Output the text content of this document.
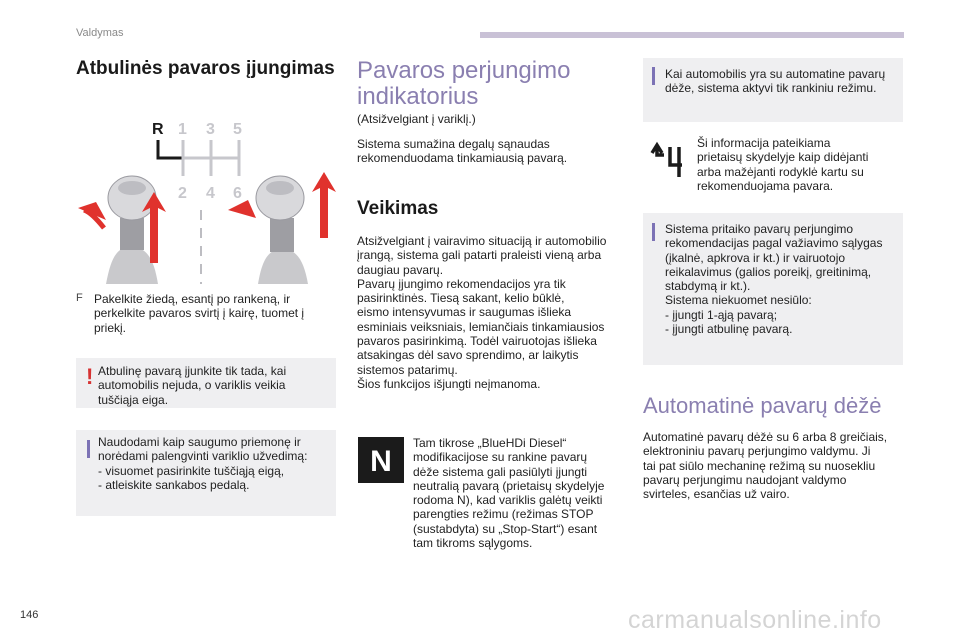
Valdymas
Atbulinės pavaros įjungimas
R 1 3 5
2 4 6
F Pakelkite žiedą, esantį po rankeną, ir
perkelkite pavaros svirtį į kairę, tuomet į
priekį.
! Atbulinę pavarą įjunkite tik tada, kai
automobilis nejuda, o variklis veikia
tuščiąja eiga.
Naudodami kaip saugumo priemonę ir
norėdami palengvinti variklio užvedimą:
- visuomet pasirinkite tuščiąją eigą,
- atleiskite sankabos pedalą.
Pavaros perjungimo
indikatorius
(Atsižvelgiant į variklį.)
Sistema sumažina degalų sąnaudas
rekomenduodama tinkamiausią pavarą.
Veikimas
Atsižvelgiant į vairavimo situaciją ir automobilio
įrangą, sistema gali patarti praleisti vieną arba
daugiau pavarų.
Pavarų įjungimo rekomendacijos yra tik
pasirinktinės. Tiesą sakant, kelio būklė,
eismo intensyvumas ir saugumas išlieka
esminiais veiksniais, lemiančiais tinkamiausios
pavaros pasirinkimą. Todėl vairuotojas išlieka
atsakingas dėl savo sprendimo, ar laikytis
sistemos patarimų.
Šios funkcijos išjungti neįmanoma.
N
Tam tikrose „BlueHDi Diesel“
modifikacijose su rankine pavarų
dėže sistema gali pasiūlyti įjungti
neutralią pavarą (prietaisų skydelyje
rodoma N), kad variklis galėtų veikti
parengties režimu (režimas STOP
(sustabdyta) su „Stop-Start“) esant
tam tikroms sąlygoms.
Kai automobilis yra su automatine pavarų
dėže, sistema aktyvi tik rankiniu režimu.
Ši informacija pateikiama
prietaisų skydelyje kaip didėjanti
arba mažėjanti rodyklė kartu su
rekomenduojama pavara.
Sistema pritaiko pavarų perjungimo
rekomendacijas pagal važiavimo sąlygas
(įkalnė, apkrova ir kt.) ir vairuotojo
reikalavimus (galios poreikį, greitinimą,
stabdymą ir kt.).
Sistema niekuomet nesiūlo:
- įjungti 1-ąją pavarą;
- įjungti atbulinę pavarą.
Automatinė pavarų dėžė
Automatinė pavarų dėžė su 6 arba 8 greičiais,
elektroniniu pavarų perjungimo valdymu. Ji
tai pat siūlo mechaninę režimą su nuosekliu
pavarų perjungimu naudojant valdymo
svirteles, esančias už vairo.
146	carmanualsonline.info
